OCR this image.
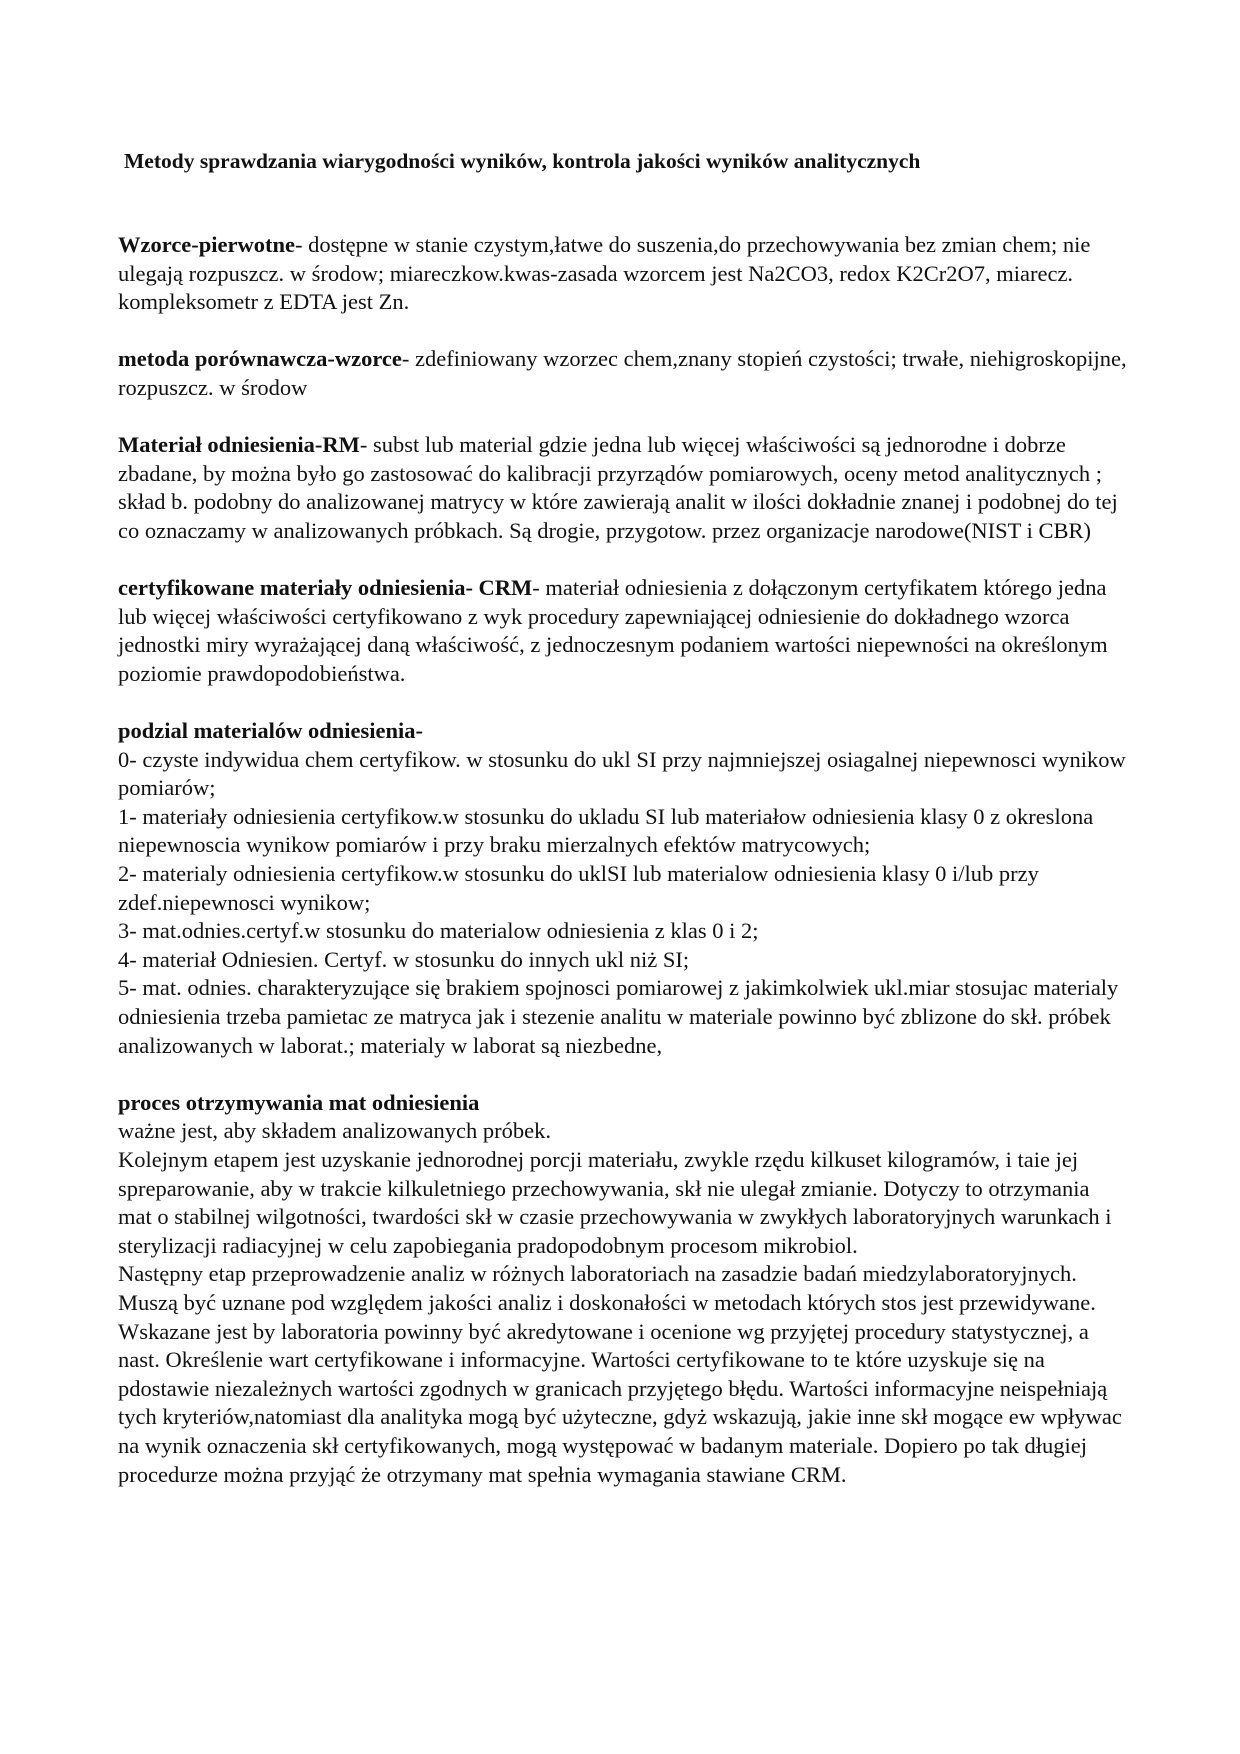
Metody sprawdzania wiarygodności wyników, kontrola jakości wyników analitycznych

Wzorce-pierwotne- dostępne w stanie czystym,łatwe do suszenia,do przechowywania bez zmian chem; nie ulegają rozpuszcz. w środow; miareczkow.kwas-zasada wzorcem jest Na2CO3, redox K2Cr2O7, miarecz. kompleksometr z EDTA jest Zn.

metoda porównawcza-wzorce- zdefiniowany wzorzec chem,znany stopień czystości; trwałe, niehigroskopijne, rozpuszcz. w środow

Materiał odniesienia-RM- subst lub material gdzie jedna lub więcej właściwości są jednorodne i dobrze zbadane, by można było go zastosować do kalibracji przyrządów pomiarowych, oceny metod analitycznych ; skład b. podobny do analizowanej matrycy w które zawierają analit w ilości dokładnie znanej i podobnej do tej co oznaczamy w analizowanych próbkach. Są drogie, przygotow. przez organizacje narodowe(NIST i CBR)

certyfikowane materiały odniesienia- CRM- materiał odniesienia z dołączonym certyfikatem którego jedna lub więcej właściwości certyfikowano z wyk procedury zapewniającej odniesienie do dokładnego wzorca jednostki miry wyrażającej daną właściwość, z jednoczesnym podaniem wartości niepewności na określonym poziomie prawdopodobieństwa.

podzial materialów odniesienia-
0- czyste indywidua chem certyfikow. w stosunku do ukl SI przy najmniejszej osiagalnej niepewnosci wynikow pomiarów;
1- materiały odniesienia certyfikow.w stosunku do ukladu SI lub materiałow odniesienia klasy 0 z okreslona niepewnoscia wynikow pomiarów i przy braku mierzalnych efektów matrycowych;
2- materialy odniesienia certyfikow.w stosunku do uklSI lub materialow odniesienia klasy 0 i/lub przy zdef.niepewnosci wynikow;
3- mat.odnies.certyf.w stosunku do materialow odniesienia z klas 0 i 2;
4- materiał Odniesien. Certyf. w stosunku do innych ukl niż SI;
5- mat. odnies. charakteryzujące się brakiem spojnosci pomiarowej z jakimkolwiek ukl.miar stosujac materialy odniesienia trzeba pamietac ze matryca jak i stezenie analitu w materiale powinno być zblizone do skł. próbek analizowanych w laborat.; materialy w laborat są niezbedne,
proces otrzymywania mat odniesienia
ważne jest, aby składem analizowanych próbek.
Kolejnym etapem jest uzyskanie jednorodnej porcji materiału, zwykle rzędu kilkuset kilogramów, i taie jej spreparowanie, aby w trakcie kilkuletniego przechowywania, skł nie ulegał zmianie. Dotyczy to otrzymania mat o stabilnej wilgotności, twardości skł w czasie przechowywania w zwykłych laboratoryjnych warunkach i sterylizacji radiacyjnej w celu zapobiegania pradopodobnym procesom mikrobiol.
Następny etap przeprowadzenie analiz w różnych laboratoriach na zasadzie badań miedzylaboratoryjnych. Muszą być uznane pod względem jakości analiz i doskonałości w metodach których stos jest przewidywane. Wskazane jest by laboratoria powinny być akredytowane i ocenione wg przyjętej procedury statystycznej, a nast. Określenie wart certyfikowane i informacyjne. Wartości certyfikowane to te które uzyskuje się na pdostawie niezależnych wartości zgodnych w granicach przyjętego błędu. Wartości informacyjne neispełniają tych kryteriów,natomiast dla analityka mogą być użyteczne, gdyż wskazują, jakie inne skł mogące ew wpływac na wynik oznaczenia skł certyfikowanych, mogą występować w badanym materiale. Dopiero po tak długiej procedurze można przyjąć że otrzymany mat spełnia wymagania stawiane CRM.
